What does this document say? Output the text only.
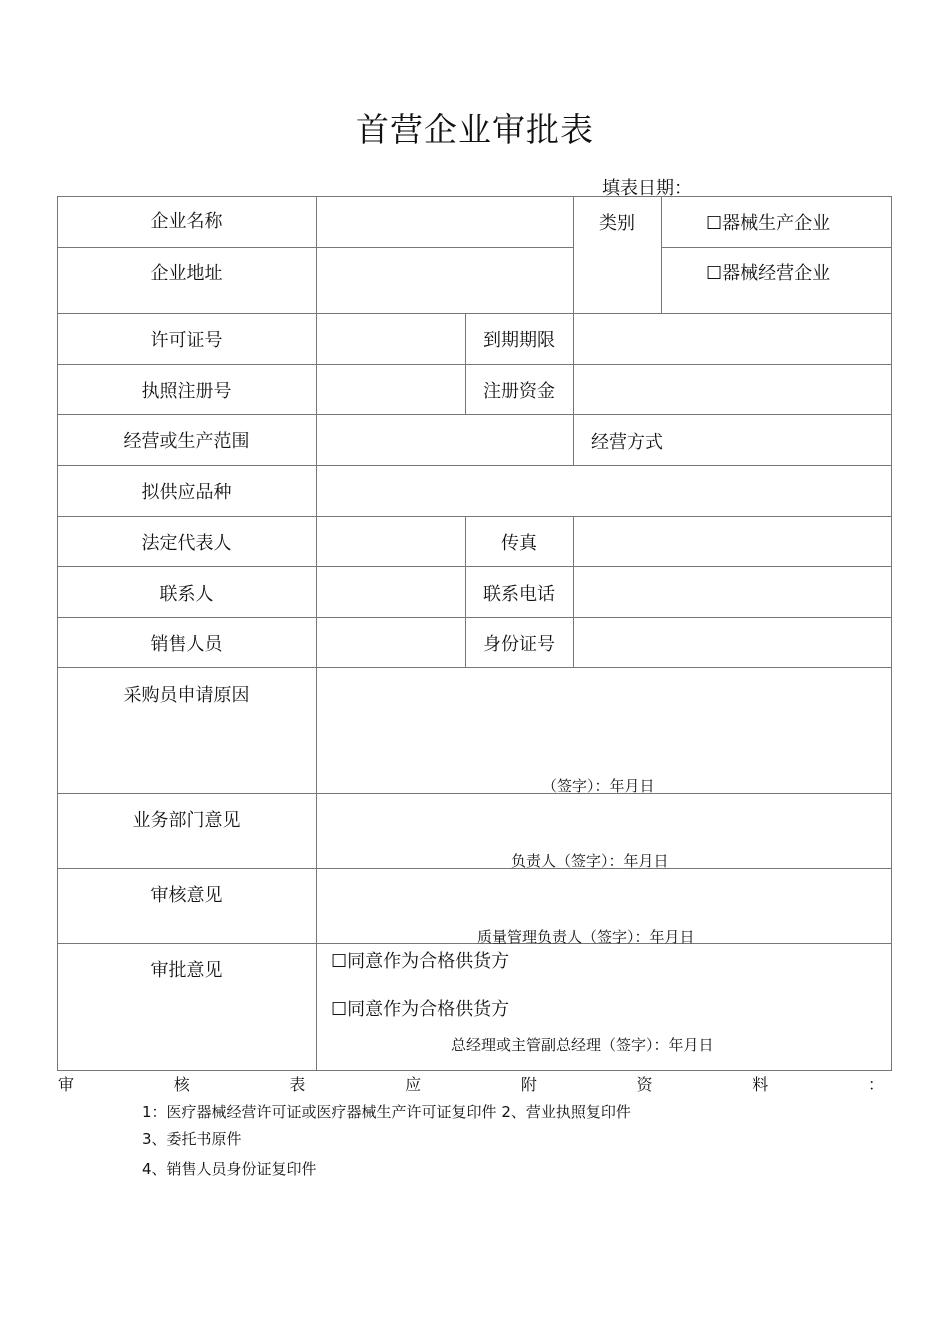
首营企业审批表
填表日期：
企业名称
企业地址
许可证号
执照注册号
经营或生产范围
拟供应品种
法定代表人
联系人
销售人员
采购员申请原因
业务部门意见
审核意见
审批意见
类别	☐器械生产企业
☐器械经营企业
到期期限
注册资金
经营方式
传真
联系电话
身份证号
（签字）：年月日
负责人（签字）：年月日
质量管理负责人（签字）：年月日
☐同意作为合格供货方
☐同意作为合格供货方
总经理或主管副总经理（签字）：年月日
审核表应附资料：
1：医疗器械经营许可证或医疗器械生产许可证复印件 2、营业执照复印件
3、委托书原件
4、销售人员身份证复印件
